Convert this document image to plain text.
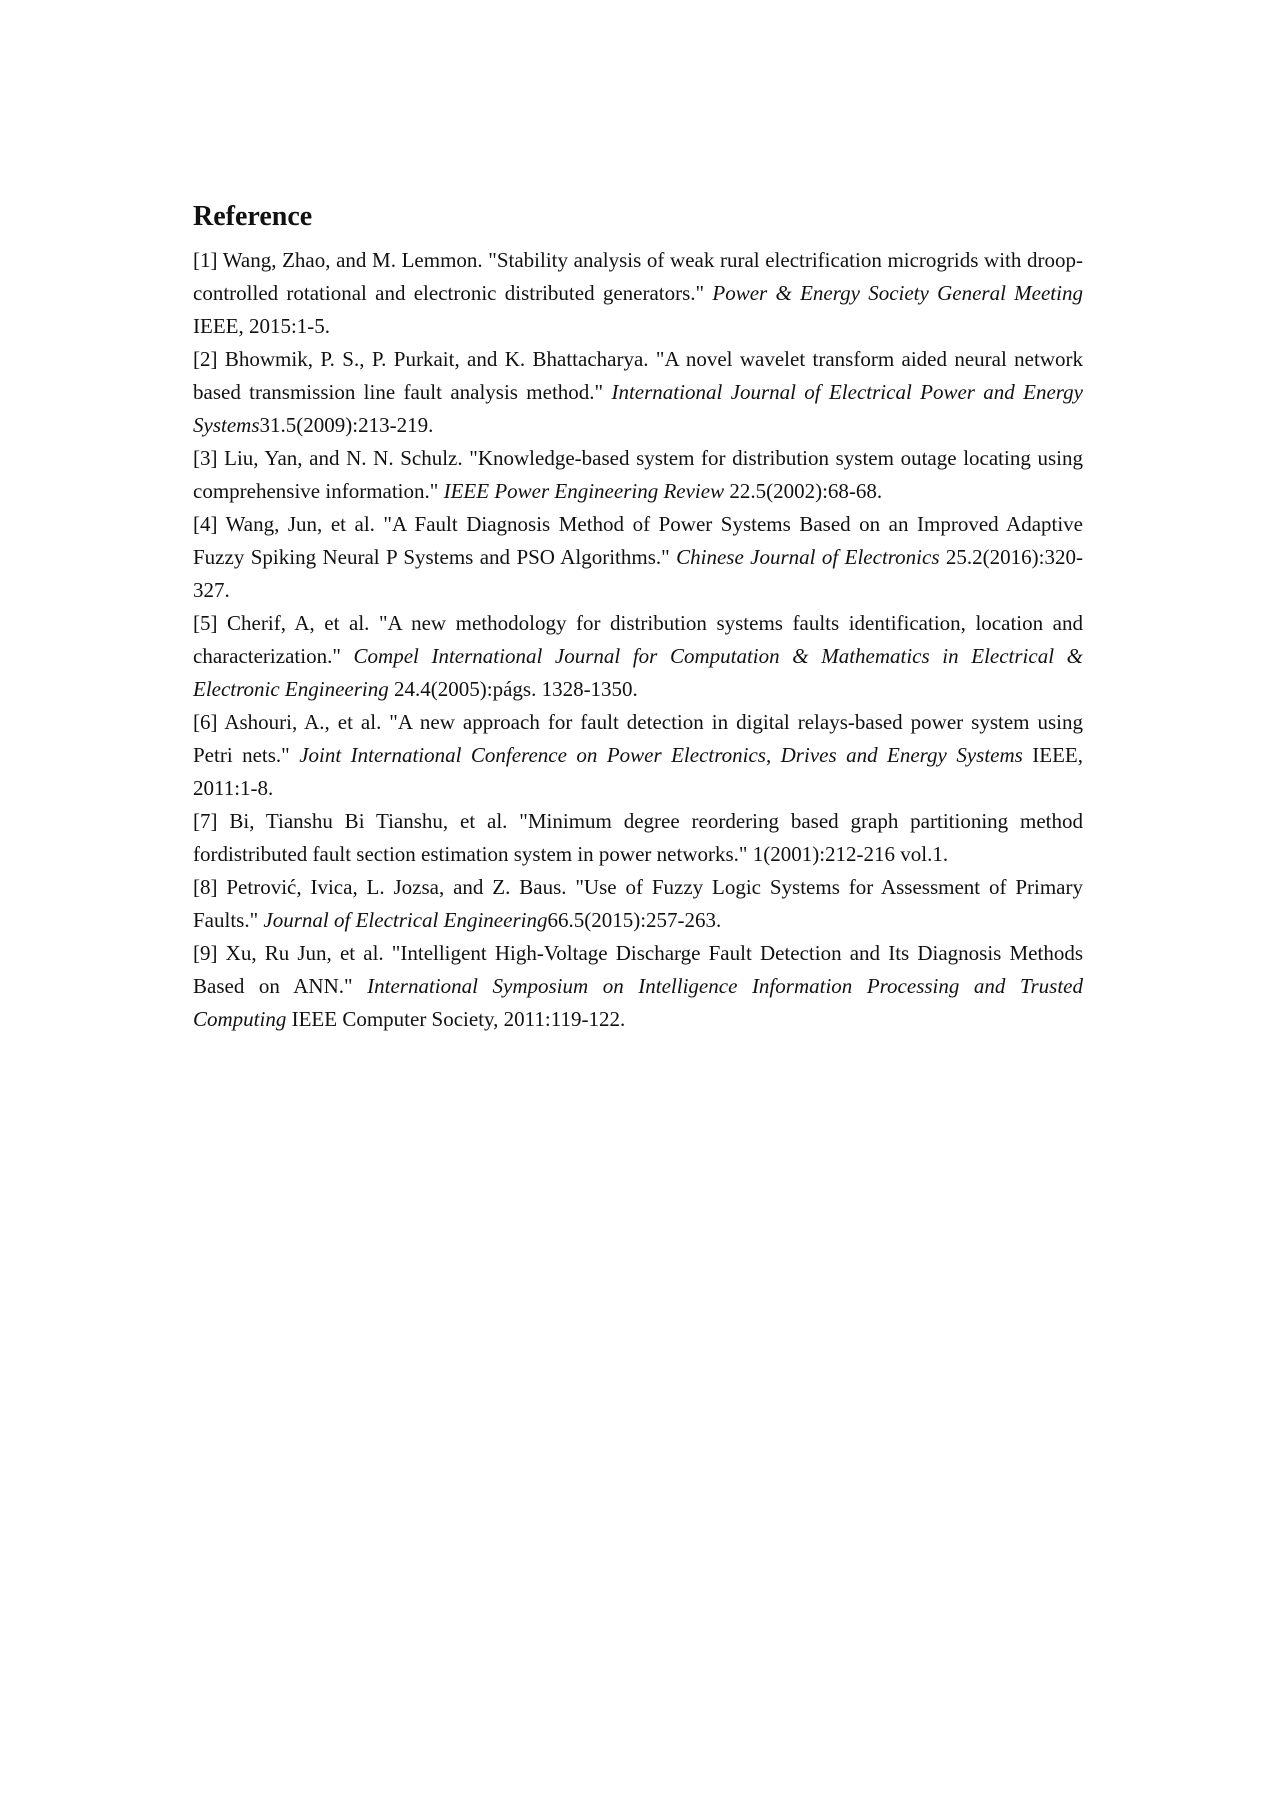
Reference

[1] Wang, Zhao, and M. Lemmon. "Stability analysis of weak rural electrification microgrids with droop-controlled rotational and electronic distributed generators." Power & Energy Society General Meeting IEEE, 2015:1-5.

[2] Bhowmik, P. S., P. Purkait, and K. Bhattacharya. "A novel wavelet transform aided neural network based transmission line fault analysis method." International Journal of Electrical Power and Energy Systems31.5(2009):213-219.

[3] Liu, Yan, and N. N. Schulz. "Knowledge-based system for distribution system outage locating using comprehensive information." IEEE Power Engineering Review 22.5(2002):68-68.

[4] Wang, Jun, et al. "A Fault Diagnosis Method of Power Systems Based on an Improved Adaptive Fuzzy Spiking Neural P Systems and PSO Algorithms." Chinese Journal of Electronics 25.2(2016):320-327.

[5] Cherif, A, et al. "A new methodology for distribution systems faults identification, location and characterization." Compel International Journal for Computation & Mathematics in Electrical & Electronic Engineering 24.4(2005):págs. 1328-1350.

[6] Ashouri, A., et al. "A new approach for fault detection in digital relays-based power system using Petri nets." Joint International Conference on Power Electronics, Drives and Energy Systems IEEE, 2011:1-8.

[7] Bi, Tianshu Bi Tianshu, et al. "Minimum degree reordering based graph partitioning method fordistributed fault section estimation system in power networks." 1(2001):212-216 vol.1.

[8] Petrović, Ivica, L. Jozsa, and Z. Baus. "Use of Fuzzy Logic Systems for Assessment of Primary Faults." Journal of Electrical Engineering66.5(2015):257-263.

[9] Xu, Ru Jun, et al. "Intelligent High-Voltage Discharge Fault Detection and Its Diagnosis Methods Based on ANN." International Symposium on Intelligence Information Processing and Trusted Computing IEEE Computer Society, 2011:119-122.
